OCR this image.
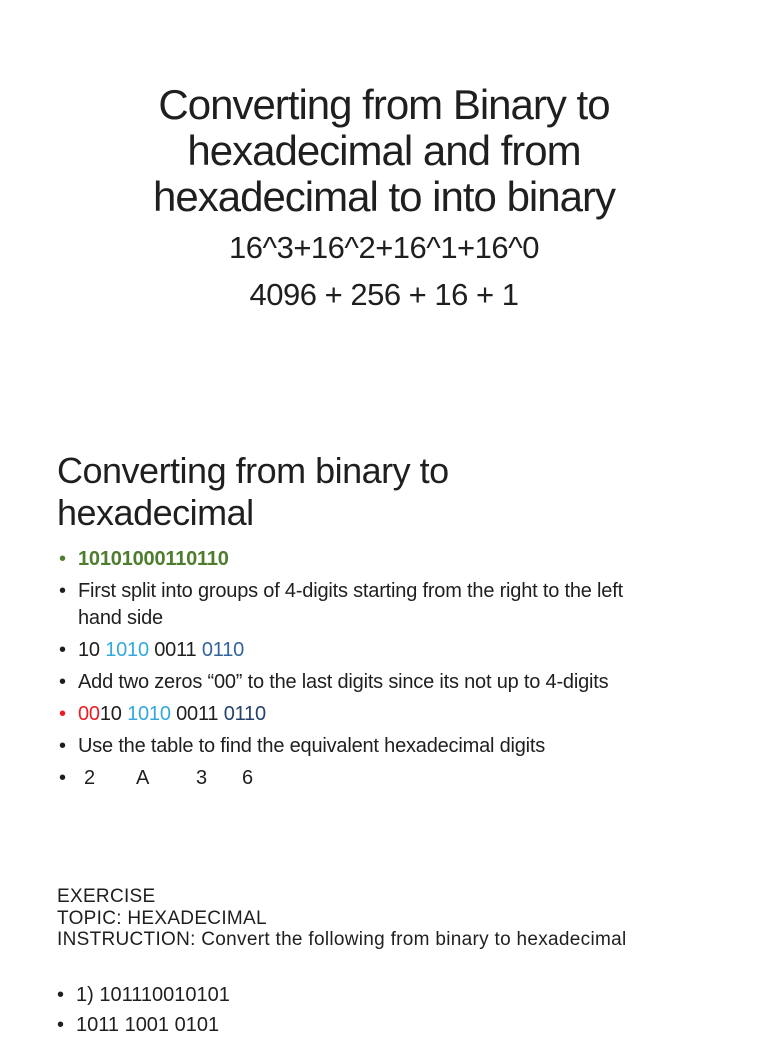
Converting from Binary to
hexadecimal and from
hexadecimal to into binary
16^3+16^2+16^1+16^0
4096 + 256 + 16 + 1
Converting from binary to
hexadecimal
• 10101000110110
• First split into groups of 4-digits starting from the right to the left hand side
• 10 1010 0011 0110
• Add two zeros “00” to the last digits since its not up to 4-digits
• 0010 1010 0011 0110
• Use the table to find the equivalent hexadecimal digits
• 2 A 3 6
EXERCISE
TOPIC: HEXADECIMAL
INSTRUCTION: Convert the following from binary to hexadecimal
• 1) 101110010101
• 1011 1001 0101
